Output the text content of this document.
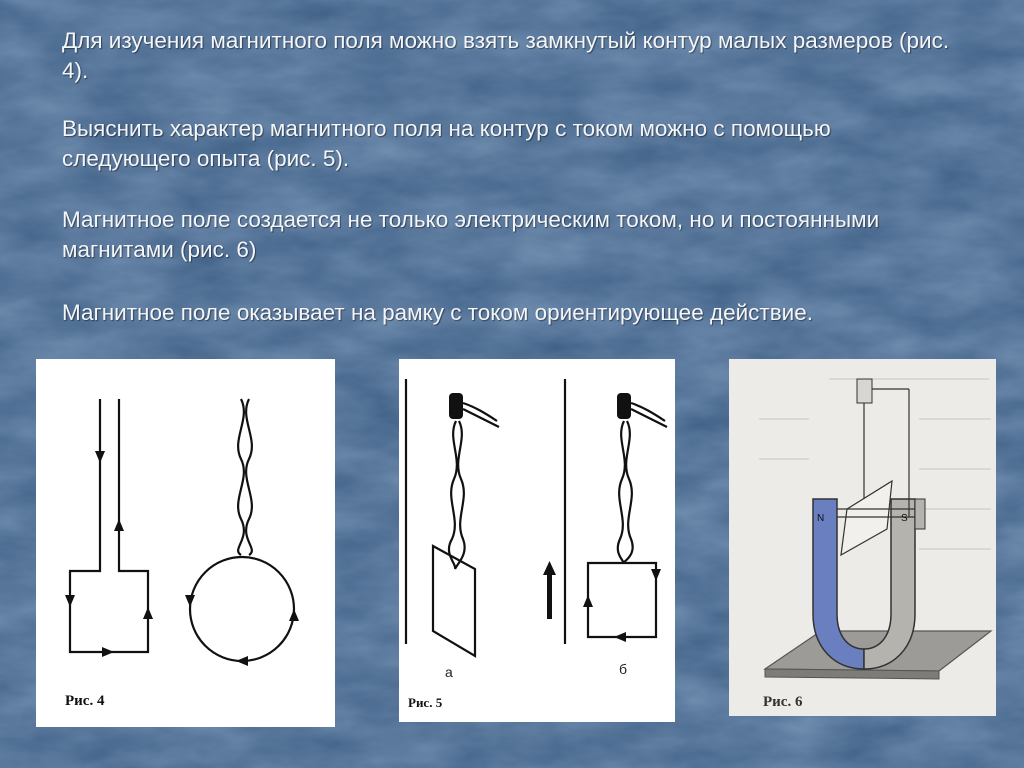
Для изучения магнитного поля можно взять замкнутый контур малых размеров (рис. 4).

Выяснить характер магнитного поля на контур с током можно с помощью следующего опыта (рис. 5).

Магнитное поле создается не только электрическим током, но и постоянными магнитами (рис. 6)

Магнитное поле оказывает на рамку с током ориентирующее действие.

Рис. 4
а	б
Рис. 5
N	S
Рис. 6
